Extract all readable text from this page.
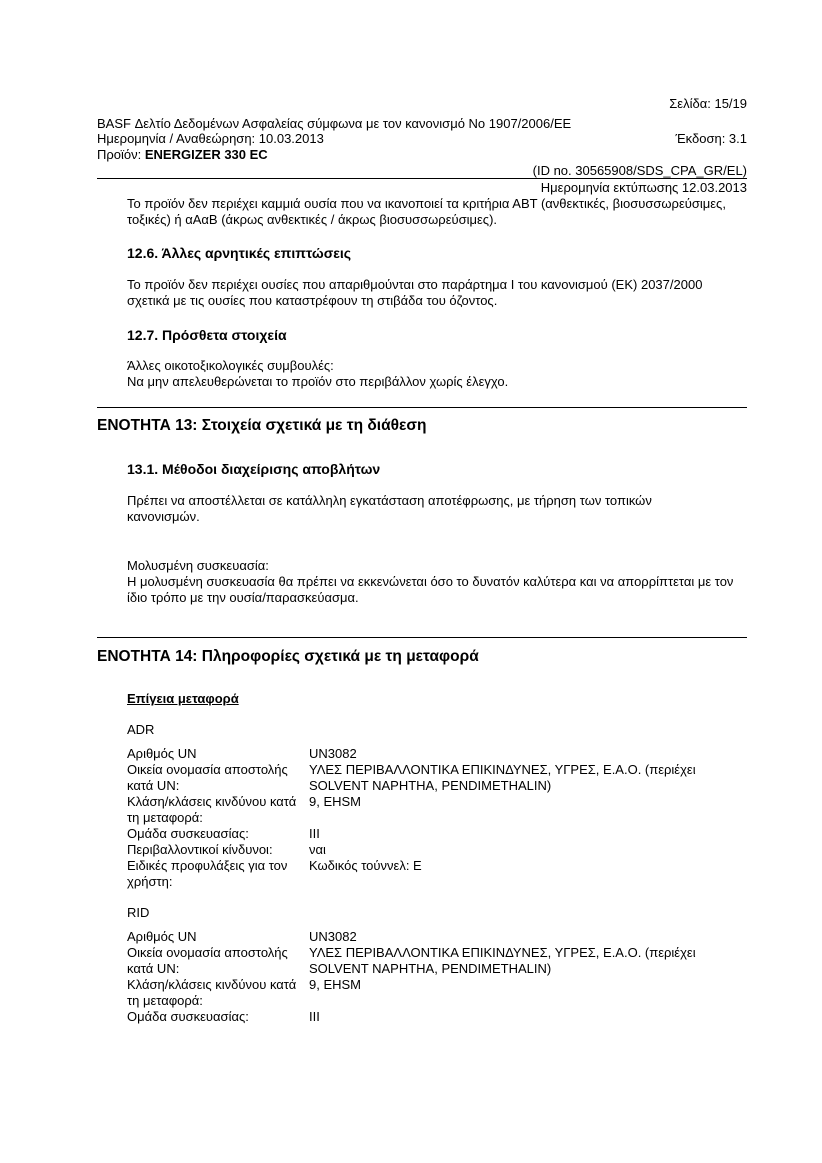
Σελίδα: 15/19
BASF Δελτίο Δεδομένων Ασφαλείας σύμφωνα με τον κανονισμό Νο 1907/2006/ΕΕ
Ημερομηνία / Αναθεώρηση: 10.03.2013	Έκδοση: 3.1
Προϊόν: ENERGIZER 330 EC
(ID no. 30565908/SDS_CPA_GR/EL)
Ημερομηνία εκτύπωσης 12.03.2013
Το προϊόν δεν περιέχει καμμιά ουσία που να ικανοποιεί τα κριτήρια ΑΒΤ (ανθεκτικές, βιοσυσσωρεύσιμες, τοξικές) ή αΑαΒ (άκρως ανθεκτικές / άκρως βιοσυσσωρεύσιμες).
12.6. Άλλες αρνητικές επιπτώσεις
Το προϊόν δεν περιέχει ουσίες που απαριθμούνται στο παράρτημα Ι του κανονισμού (ΕΚ) 2037/2000 σχετικά με τις ουσίες που καταστρέφουν τη στιβάδα του όζοντος.
12.7. Πρόσθετα στοιχεία
Άλλες οικοτοξικολογικές συμβουλές:
Να μην απελευθερώνεται το προϊόν στο περιβάλλον χωρίς έλεγχο.
ΕΝΟΤΗΤΑ 13: Στοιχεία σχετικά με τη διάθεση
13.1. Μέθοδοι διαχείρισης αποβλήτων
Πρέπει να αποστέλλεται σε κατάλληλη εγκατάσταση αποτέφρωσης, με τήρηση των τοπικών κανονισμών.
Μολυσμένη συσκευασία:
Η μολυσμένη συσκευασία θα πρέπει να εκκενώνεται όσο το δυνατόν καλύτερα και να απορρίπτεται με τον ίδιο τρόπο με την ουσία/παρασκεύασμα.
ΕΝΟΤΗΤΑ 14: Πληροφορίες σχετικά με τη μεταφορά
Επίγεια μεταφορά
ADR
Αριθμός UN	UN3082
Οικεία ονομασία αποστολής κατά UN:
ΥΛΕΣ ΠΕΡΙΒΑΛΛΟΝΤΙΚΑ ΕΠΙΚΙΝΔΥΝΕΣ, ΥΓΡΕΣ, Ε.Α.Ο. (περιέχει SOLVENT NAPHTHA, PENDIMETHALIN)
Κλάση/κλάσεις κινδύνου κατά τη μεταφορά:
9, EHSM
Ομάδα συσκευασίας:	III
Περιβαλλοντικοί κίνδυνοι:	ναι
Ειδικές προφυλάξεις για τον χρήστη:
Κωδικός τούννελ: E
RID
Αριθμός UN	UN3082
Οικεία ονομασία αποστολής κατά UN:
ΥΛΕΣ ΠΕΡΙΒΑΛΛΟΝΤΙΚΑ ΕΠΙΚΙΝΔΥΝΕΣ, ΥΓΡΕΣ, Ε.Α.Ο. (περιέχει SOLVENT NAPHTHA, PENDIMETHALIN)
Κλάση/κλάσεις κινδύνου κατά τη μεταφορά:
9, EHSM
Ομάδα συσκευασίας:	III
